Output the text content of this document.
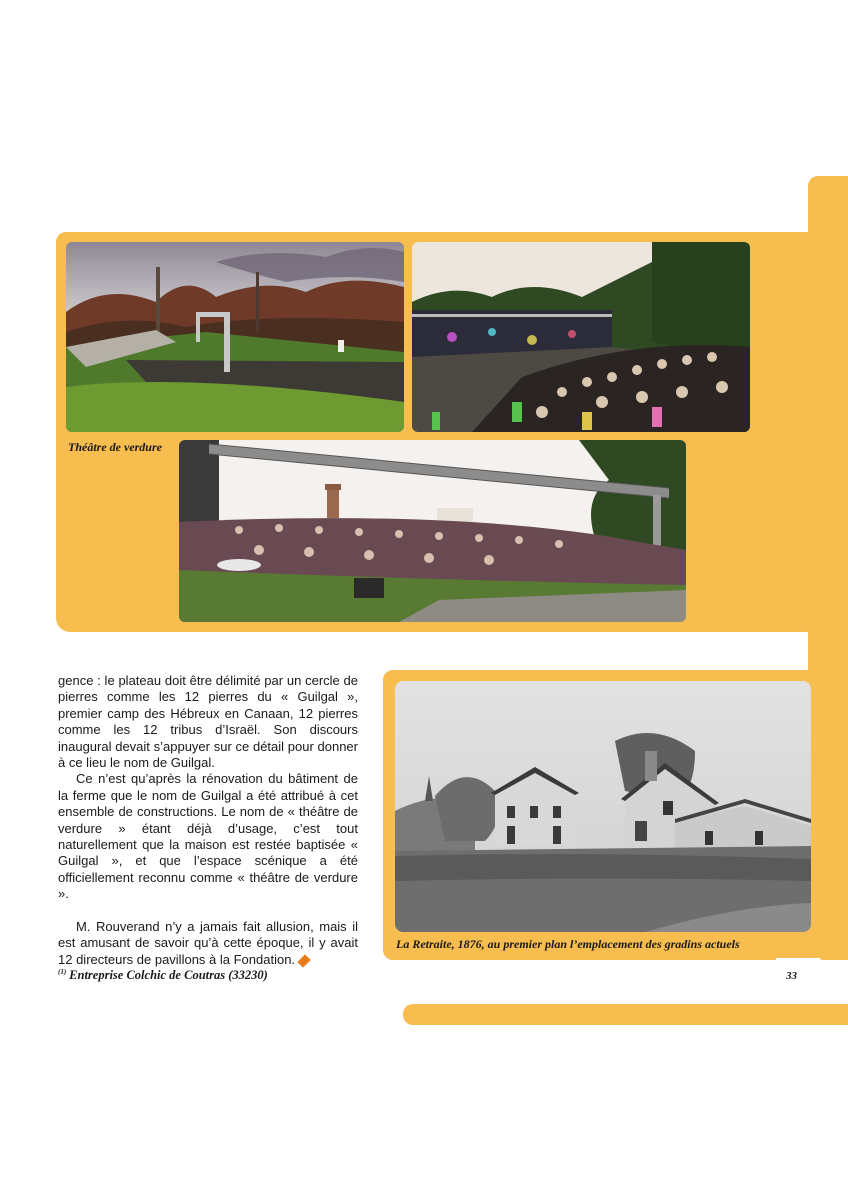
Théâtre de verdure

gence : le plateau doit être délimité par un cercle de pierres comme les 12 pierres du « Guilgal », premier camp des Hébreux en Canaan, 12 pierres comme les 12 tribus d’Israël. Son discours inaugural devait s’appuyer sur ce détail pour donner à ce lieu le nom de Guilgal.

Ce n’est qu’après la rénovation du bâtiment de la ferme que le nom de Guilgal a été attribué à cet ensemble de constructions. Le nom de « théâtre de verdure » étant déjà d’usage, c’est tout naturellement que la maison est restée baptisée « Guilgal », et que l’espace scénique a été officiellement reconnu comme « théâtre de verdure ».

M. Rouverand n’y a jamais fait allusion, mais il est amusant de savoir qu’à cette époque, il y avait 12 directeurs de pavillons à la Fondation.

La Retraite, 1876, au premier plan l’emplacement des gradins actuels
$^{(1)}$ Entreprise Colchic de Coutras (33230)	33
